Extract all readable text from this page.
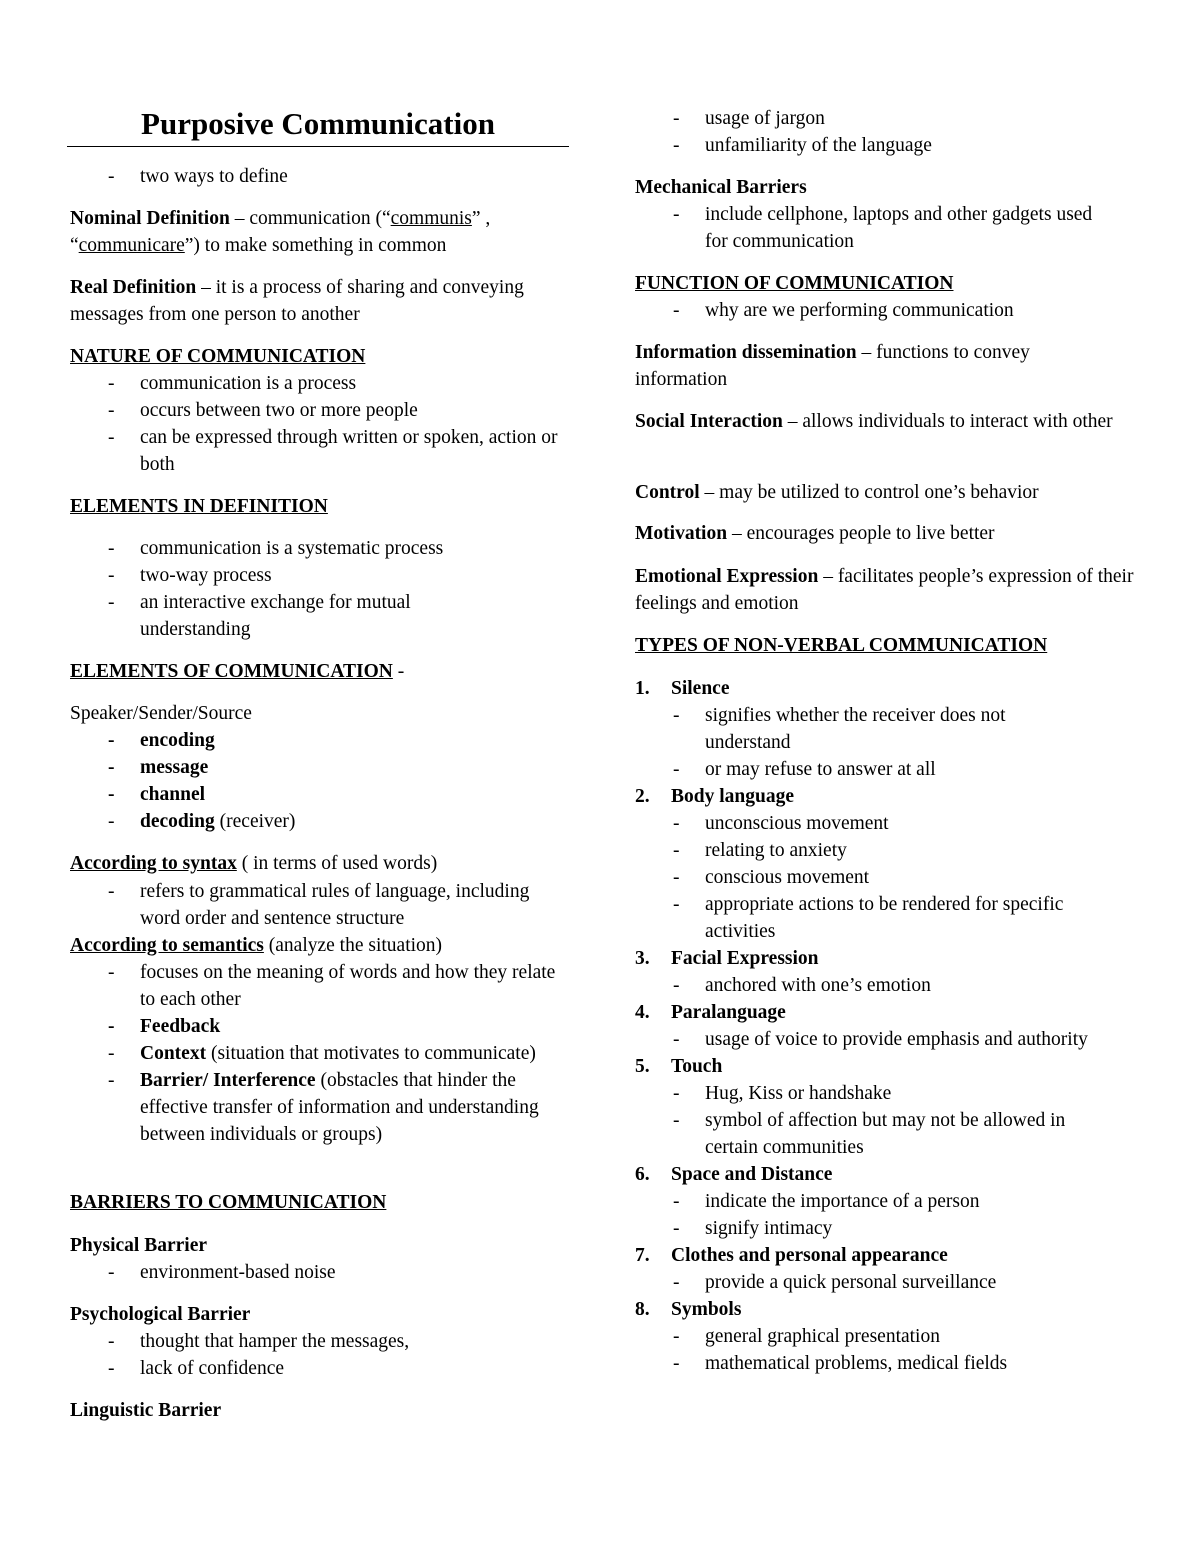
Purposive Communication
- two ways to define

Nominal Definition – communication (“communis” , “communicare”) to make something in common

Real Definition – it is a process of sharing and conveying messages from one person to another

NATURE OF COMMUNICATION
- communication is a process
- occurs between two or more people
- can be expressed through written or spoken, action or both
ELEMENTS IN DEFINITION
- communication is a systematic process
- two-way process
- an interactive exchange for mutual understanding
ELEMENTS OF COMMUNICATION -
Speaker/Sender/Source
- encoding
- message
- channel
- decoding (receiver)
According to syntax ( in terms of used words)
- refers to grammatical rules of language, including word order and sentence structure
According to semantics (analyze the situation)
- focuses on the meaning of words and how they relate to each other
- Feedback
- Context (situation that motivates to communicate)
- Barrier/ Interference (obstacles that hinder the effective transfer of information and understanding between individuals or groups)
BARRIERS TO COMMUNICATION
Physical Barrier
- environment-based noise
Psychological Barrier
- thought that hamper the messages,
- lack of confidence
Linguistic Barrier
- usage of jargon
- unfamiliarity of the language
Mechanical Barriers
- include cellphone, laptops and other gadgets used for communication
FUNCTION OF COMMUNICATION
- why are we performing communication

Information dissemination – functions to convey information

Social Interaction – allows individuals to interact with other

Control – may be utilized to control one’s behavior

Motivation – encourages people to live better

Emotional Expression – facilitates people’s expression of their feelings and emotion

TYPES OF NON-VERBAL COMMUNICATION
1. Silence
- signifies whether the receiver does not understand
- or may refuse to answer at all
2. Body language
- unconscious movement
- relating to anxiety
- conscious movement
- appropriate actions to be rendered for specific activities
3. Facial Expression
- anchored with one’s emotion
4. Paralanguage
- usage of voice to provide emphasis and authority
5. Touch
- Hug, Kiss or handshake
- symbol of affection but may not be allowed in certain communities
6. Space and Distance
- indicate the importance of a person
- signify intimacy
7. Clothes and personal appearance
- provide a quick personal surveillance
8. Symbols
- general graphical presentation
- mathematical problems, medical fields
